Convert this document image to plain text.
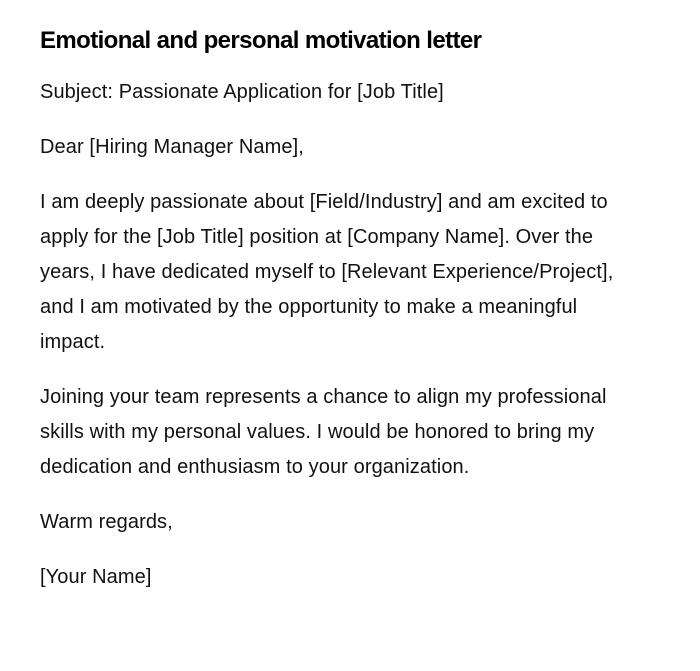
Emotional and personal motivation letter

Subject: Passionate Application for [Job Title]

Dear [Hiring Manager Name],

I am deeply passionate about [Field/Industry] and am excited to apply for the [Job Title] position at [Company Name]. Over the years, I have dedicated myself to [Relevant Experience/Project], and I am motivated by the opportunity to make a meaningful impact.

Joining your team represents a chance to align my professional skills with my personal values. I would be honored to bring my dedication and enthusiasm to your organization.

Warm regards,

[Your Name]
